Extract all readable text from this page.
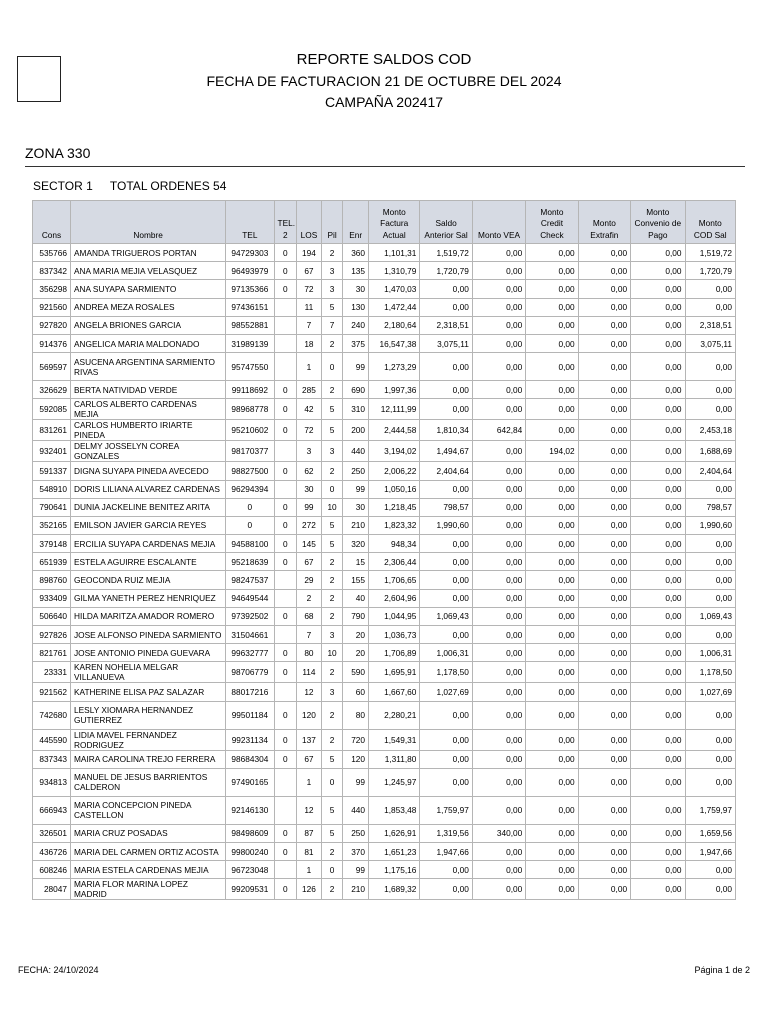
REPORTE SALDOS COD
FECHA DE FACTURACION 21 DE OCTUBRE DEL 2024
CAMPAÑA 202417
ZONA 330
SECTOR 1 TOTAL ORDENES 54
Cons	Nombre	TEL	TEL. 2	LOS	Pil	Enr	Monto Factura Actual	Saldo Anterior Sal	Monto VEA	Monto Credit Check	Monto Extrafin	Monto Convenio de Pago	Monto COD Sal
535766	AMANDA TRIGUEROS PORTAN	94729303	0	194	2	360	1,101,31	1,519,72	0,00	0,00	0,00	0,00	1,519,72
837342	ANA MARIA MEJIA VELASQUEZ	96493979	0	67	3	135	1,310,79	1,720,79	0,00	0,00	0,00	0,00	1,720,79
356298	ANA SUYAPA SARMIENTO	97135366	0	72	3	30	1,470,03	0,00	0,00	0,00	0,00	0,00	0,00
921560	ANDREA MEZA ROSALES	97436151		11	5	130	1,472,44	0,00	0,00	0,00	0,00	0,00	0,00
927820	ANGELA BRIONES GARCIA	98552881		7	7	240	2,180,64	2,318,51	0,00	0,00	0,00	0,00	2,318,51
914376	ANGELICA MARIA MALDONADO	31989139		18	2	375	16,547,38	3,075,11	0,00	0,00	0,00	0,00	3,075,11
569597	ASUCENA ARGENTINA SARMIENTO RIVAS	95747550		1	0	99	1,273,29	0,00	0,00	0,00	0,00	0,00	0,00
326629	BERTA NATIVIDAD VERDE	99118692	0	285	2	690	1,997,36	0,00	0,00	0,00	0,00	0,00	0,00
592085	CARLOS ALBERTO CARDENAS MEJIA	98968778	0	42	5	310	12,111,99	0,00	0,00	0,00	0,00	0,00	0,00
831261	CARLOS HUMBERTO IRIARTE PINEDA	95210602	0	72	5	200	2,444,58	1,810,34	642,84	0,00	0,00	0,00	2,453,18
932401	DELMY JOSSELYN COREA GONZALES	98170377		3	3	440	3,194,02	1,494,67	0,00	194,02	0,00	0,00	1,688,69
591337	DIGNA SUYAPA PINEDA AVECEDO	98827500	0	62	2	250	2,006,22	2,404,64	0,00	0,00	0,00	0,00	2,404,64
548910	DORIS LILIANA ALVAREZ CARDENAS	96294394		30	0	99	1,050,16	0,00	0,00	0,00	0,00	0,00	0,00
790641	DUNIA JACKELINE BENITEZ ARITA	0	0	99	10	30	1,218,45	798,57	0,00	0,00	0,00	0,00	798,57
352165	EMILSON JAVIER GARCIA REYES	0	0	272	5	210	1,823,32	1,990,60	0,00	0,00	0,00	0,00	1,990,60
379148	ERCILIA SUYAPA CARDENAS MEJIA	94588100	0	145	5	320	948,34	0,00	0,00	0,00	0,00	0,00	0,00
651939	ESTELA AGUIRRE ESCALANTE	95218639	0	67	2	15	2,306,44	0,00	0,00	0,00	0,00	0,00	0,00
898760	GEOCONDA RUIZ MEJIA	98247537		29	2	155	1,706,65	0,00	0,00	0,00	0,00	0,00	0,00
933409	GILMA YANETH PEREZ HENRIQUEZ	94649544		2	2	40	2,604,96	0,00	0,00	0,00	0,00	0,00	0,00
506640	HILDA MARITZA AMADOR ROMERO	97392502	0	68	2	790	1,044,95	1,069,43	0,00	0,00	0,00	0,00	1,069,43
927826	JOSE ALFONSO PINEDA SARMIENTO	31504661		7	3	20	1,036,73	0,00	0,00	0,00	0,00	0,00	0,00
821761	JOSE ANTONIO PINEDA GUEVARA	99632777	0	80	10	20	1,706,89	1,006,31	0,00	0,00	0,00	0,00	1,006,31
23331	KAREN NOHELIA MELGAR VILLANUEVA	98706779	0	114	2	590	1,695,91	1,178,50	0,00	0,00	0,00	0,00	1,178,50
921562	KATHERINE ELISA PAZ SALAZAR	88017216		12	3	60	1,667,60	1,027,69	0,00	0,00	0,00	0,00	1,027,69
742680	LESLY XIOMARA HERNANDEZ GUTIERREZ	99501184	0	120	2	80	2,280,21	0,00	0,00	0,00	0,00	0,00	0,00
445590	LIDIA MAVEL FERNANDEZ RODRIGUEZ	99231134	0	137	2	720	1,549,31	0,00	0,00	0,00	0,00	0,00	0,00
837343	MAIRA CAROLINA TREJO FERRERA	98684304	0	67	5	120	1,311,80	0,00	0,00	0,00	0,00	0,00	0,00
934813	MANUEL DE JESUS BARRIENTOS CALDERON	97490165		1	0	99	1,245,97	0,00	0,00	0,00	0,00	0,00	0,00
666943	MARIA CONCEPCION PINEDA CASTELLON	92146130		12	5	440	1,853,48	1,759,97	0,00	0,00	0,00	0,00	1,759,97
326501	MARIA CRUZ POSADAS	98498609	0	87	5	250	1,626,91	1,319,56	340,00	0,00	0,00	0,00	1,659,56
436726	MARIA DEL CARMEN ORTIZ ACOSTA	99800240	0	81	2	370	1,651,23	1,947,66	0,00	0,00	0,00	0,00	1,947,66
608246	MARIA ESTELA CARDENAS MEJIA	96723048		1	0	99	1,175,16	0,00	0,00	0,00	0,00	0,00	0,00
28047	MARIA FLOR MARINA LOPEZ MADRID	99209531	0	126	2	210	1,689,32	0,00	0,00	0,00	0,00	0,00	0,00
FECHA: 24/10/2024	Página 1 de 2
